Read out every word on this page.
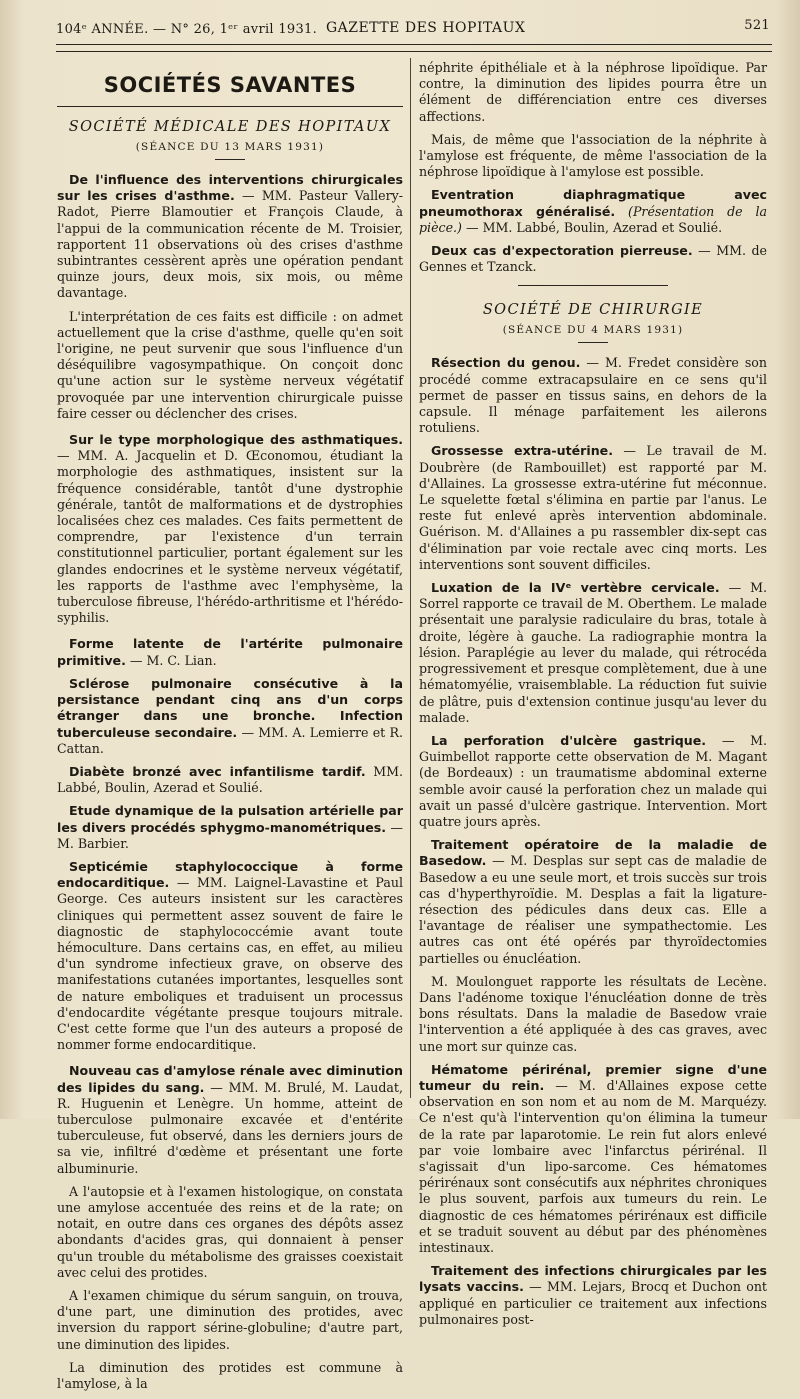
104ᵉ ANNÉE. — N° 26, 1ᵉʳ avril 1931. GAZETTE DES HOPITAUX	521
SOCIÉTÉS SAVANTES
SOCIÉTÉ MÉDICALE DES HOPITAUX
(SÉANCE DU 13 MARS 1931)

De l'influence des interventions chirurgicales sur les crises d'asthme. — MM. Pasteur Vallery-Radot, Pierre Blamoutier et François Claude, à l'appui de la communication récente de M. Troisier, rapportent 11 observations où des crises d'asthme subintrantes cessèrent après une opération pendant quinze jours, deux mois, six mois, ou même davantage.

L'interprétation de ces faits est difficile : on admet actuellement que la crise d'asthme, quelle qu'en soit l'origine, ne peut survenir que sous l'influence d'un déséquilibre vagosympathique. On conçoit donc qu'une action sur le système nerveux végétatif provoquée par une intervention chirurgicale puisse faire cesser ou déclencher des crises.

Sur le type morphologique des asthmatiques. — MM. A. Jacquelin et D. Œconomou, étudiant la morphologie des asthmatiques, insistent sur la fréquence considérable, tantôt d'une dystrophie générale, tantôt de malformations et de dystrophies localisées chez ces malades. Ces faits permettent de comprendre, par l'existence d'un terrain constitutionnel particulier, portant également sur les glandes endocrines et le système nerveux végétatif, les rapports de l'asthme avec l'emphysème, la tuberculose fibreuse, l'hérédo-arthritisme et l'hérédo-syphilis.

Forme latente de l'artérite pulmonaire primitive. — M. C. Lian.

Sclérose pulmonaire consécutive à la persistance pendant cinq ans d'un corps étranger dans une bronche. Infection tuberculeuse secondaire. — MM. A. Lemierre et R. Cattan.

Diabète bronzé avec infantilisme tardif. MM. Labbé, Boulin, Azerad et Soulié.

Etude dynamique de la pulsation artérielle par les divers procédés sphygmo-manométriques. — M. Barbier.

Septicémie staphylococcique à forme endocarditique. — MM. Laignel-Lavastine et Paul George. Ces auteurs insistent sur les caractères cliniques qui permettent assez souvent de faire le diagnostic de staphylococcémie avant toute hémoculture. Dans certains cas, en effet, au milieu d'un syndrome infectieux grave, on observe des manifestations cutanées importantes, lesquelles sont de nature emboliques et traduisent un processus d'endocardite végétante presque toujours mitrale. C'est cette forme que l'un des auteurs a proposé de nommer forme endocarditique.

Nouveau cas d'amylose rénale avec diminution des lipides du sang. — MM. M. Brulé, M. Laudat, R. Huguenin et Lenègre. Un homme, atteint de tuberculose pulmonaire excavée et d'entérite tuberculeuse, fut observé, dans les derniers jours de sa vie, infiltré d'œdème et présentant une forte albuminurie.

A l'autopsie et à l'examen histologique, on constata une amylose accentuée des reins et de la rate; on notait, en outre dans ces organes des dépôts assez abondants d'acides gras, qui donnaient à penser qu'un trouble du métabolisme des graisses coexistait avec celui des protides.

A l'examen chimique du sérum sanguin, on trouva, d'une part, une diminution des protides, avec inversion du rapport sérine-globuline; d'autre part, une diminution des lipides.

La diminution des protides est commune à l'amylose, à la

néphrite épithéliale et à la néphrose lipoïdique. Par contre, la diminution des lipides pourra être un élément de différenciation entre ces diverses affections.

Mais, de même que l'association de la néphrite à l'amylose est fréquente, de même l'association de la néphrose lipoïdique à l'amylose est possible.

Eventration diaphragmatique avec pneumothorax généralisé. (Présentation de la pièce.) — MM. Labbé, Boulin, Azerad et Soulié.

Deux cas d'expectoration pierreuse. — MM. de Gennes et Tzanck.

SOCIÉTÉ DE CHIRURGIE
(SÉANCE DU 4 MARS 1931)

Résection du genou. — M. Fredet considère son procédé comme extracapsulaire en ce sens qu'il permet de passer en tissus sains, en dehors de la capsule. Il ménage parfaitement les ailerons rotuliens.

Grossesse extra-utérine. — Le travail de M. Doubrère (de Rambouillet) est rapporté par M. d'Allaines. La grossesse extra-utérine fut méconnue. Le squelette fœtal s'élimina en partie par l'anus. Le reste fut enlevé après intervention abdominale. Guérison. M. d'Allaines a pu rassembler dix-sept cas d'élimination par voie rectale avec cinq morts. Les interventions sont souvent difficiles.

Luxation de la IVᵉ vertèbre cervicale. — M. Sorrel rapporte ce travail de M. Oberthem. Le malade présentait une paralysie radiculaire du bras, totale à droite, légère à gauche. La radiographie montra la lésion. Paraplégie au lever du malade, qui rétrocéda progressivement et presque complètement, due à une hématomyélie, vraisemblable. La réduction fut suivie de plâtre, puis d'extension continue jusqu'au lever du malade.

La perforation d'ulcère gastrique. — M. Guimbellot rapporte cette observation de M. Magant (de Bordeaux) : un traumatisme abdominal externe semble avoir causé la perforation chez un malade qui avait un passé d'ulcère gastrique. Intervention. Mort quatre jours après.

Traitement opératoire de la maladie de Basedow. — M. Desplas sur sept cas de maladie de Basedow a eu une seule mort, et trois succès sur trois cas d'hyperthyroïdie. M. Desplas a fait la ligature-résection des pédicules dans deux cas. Elle a l'avantage de réaliser une sympathectomie. Les autres cas ont été opérés par thyroïdectomies partielles ou énucléation.

M. Moulonguet rapporte les résultats de Lecène. Dans l'adénome toxique l'énucléation donne de très bons résultats. Dans la maladie de Basedow vraie l'intervention a été appliquée à des cas graves, avec une mort sur quinze cas.

Hématome périrénal, premier signe d'une tumeur du rein. — M. d'Allaines expose cette observation en son nom et au nom de M. Marquézy. Ce n'est qu'à l'intervention qu'on élimina la tumeur de la rate par laparotomie. Le rein fut alors enlevé par voie lombaire avec l'infarctus périrénal. Il s'agissait d'un lipo-sarcome. Ces hématomes périrénaux sont consécutifs aux néphrites chroniques le plus souvent, parfois aux tumeurs du rein. Le diagnostic de ces hématomes périrénaux est difficile et se traduit souvent au début par des phénomènes intestinaux.

Traitement des infections chirurgicales par les lysats vaccins. — MM. Lejars, Brocq et Duchon ont appliqué en particulier ce traitement aux infections pulmonaires post-
